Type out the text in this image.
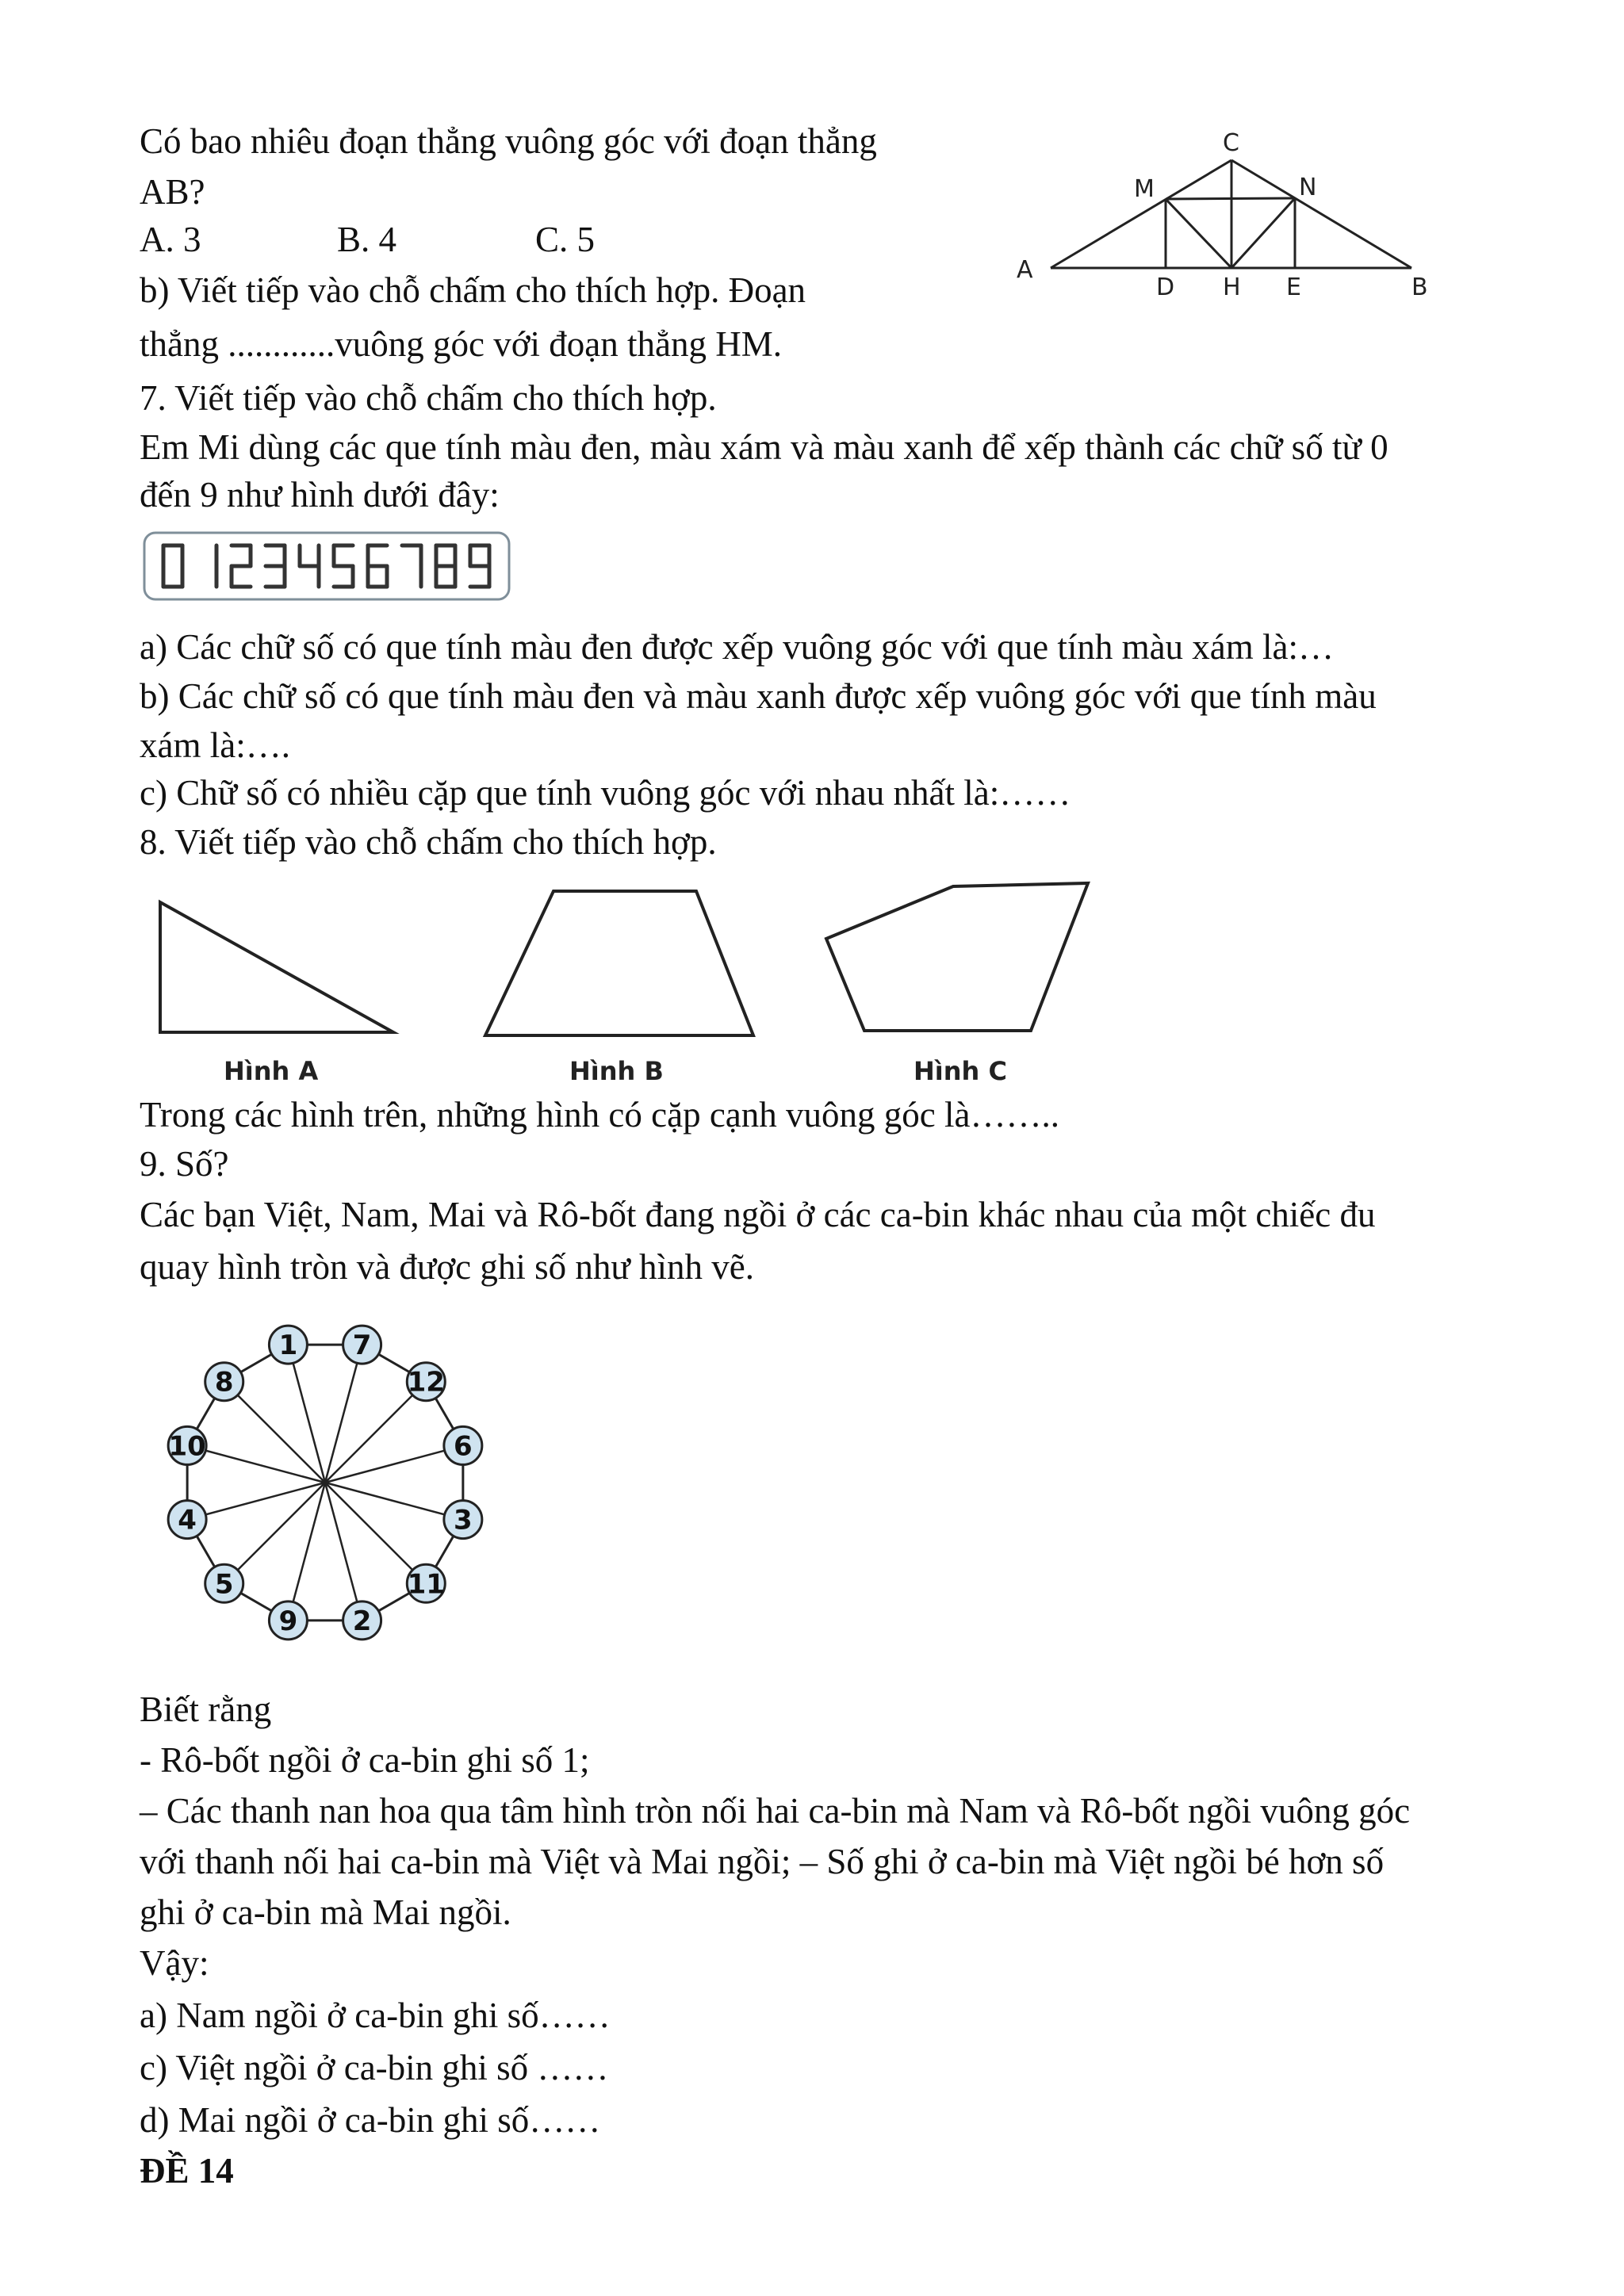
Có bao nhiêu đoạn thẳng vuông góc với đoạn thẳng

AB?

A. 3	B. 4	C. 5

b) Viết tiếp vào chỗ chấm cho thích hợp. Đoạn

thẳng ............vuông góc với đoạn thẳng HM.

C
M	N
A
D H E	B

7. Viết tiếp vào chỗ chấm cho thích hợp.

Em Mi dùng các que tính màu đen, màu xám và màu xanh để xếp thành các chữ số từ 0

đến 9 như hình dưới đây:

0123456789

a) Các chữ số có que tính màu đen được xếp vuông góc với que tính màu xám là:…

b) Các chữ số có que tính màu đen và màu xanh được xếp vuông góc với que tính màu

xám là:….

c) Chữ số có nhiều cặp que tính vuông góc với nhau nhất là:……

8. Viết tiếp vào chỗ chấm cho thích hợp.

Hình A	Hình B	Hình C

Trong các hình trên, những hình có cặp cạnh vuông góc là……..

9. Số?

Các bạn Việt, Nam, Mai và Rô-bốt đang ngồi ở các ca-bin khác nhau của một chiếc đu

quay hình tròn và được ghi số như hình vẽ.

1 7
12
6
3
11
2
9
5
4
10
8

Biết rằng

- Rô-bốt ngồi ở ca-bin ghi số 1;

– Các thanh nan hoa qua tâm hình tròn nối hai ca-bin mà Nam và Rô-bốt ngồi vuông góc

với thanh nối hai ca-bin mà Việt và Mai ngồi; – Số ghi ở ca-bin mà Việt ngồi bé hơn số

ghi ở ca-bin mà Mai ngồi.

Vậy:

a) Nam ngồi ở ca-bin ghi số……

c) Việt ngồi ở ca-bin ghi số ……

d) Mai ngồi ở ca-bin ghi số……

ĐỀ 14
